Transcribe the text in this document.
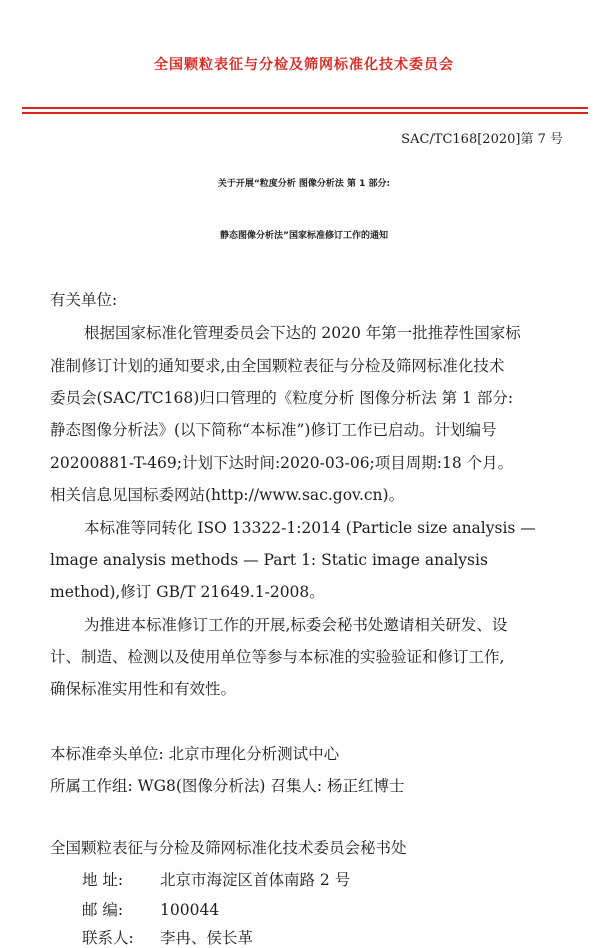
全国颗粒表征与分检及筛网标准化技术委员会
SAC/TC168[2020]第 7 号
关于开展“粒度分析 图像分析法 第 1 部分:
静态图像分析法”国家标准修订工作的通知
有关单位:
根据国家标准化管理委员会下达的 2020 年第一批推荐性国家标
准制修订计划的通知要求,由全国颗粒表征与分检及筛网标准化技术
委员会(SAC/TC168)归口管理的《粒度分析 图像分析法 第 1 部分:
静态图像分析法》(以下简称“本标准”)修订工作已启动。计划编号
20200881-T-469;计划下达时间:2020-03-06;项目周期:18 个月。
相关信息见国标委网站(http://www.sac.gov.cn)。
本标准等同转化 ISO 13322-1:2014 (Particle size analysis —
lmage analysis methods — Part 1: Static image analysis
method),修订 GB/T 21649.1-2008。
为推进本标准修订工作的开展,标委会秘书处邀请相关研发、设
计、制造、检测以及使用单位等参与本标准的实验验证和修订工作,
确保标准实用性和有效性。
本标准牵头单位: 北京市理化分析测试中心
所属工作组: WG8(图像分析法) 召集人: 杨正红博士
全国颗粒表征与分检及筛网标准化技术委员会秘书处
地 址: 北京市海淀区首体南路 2 号
邮 编: 100044
联系人: 李冉、侯长革
